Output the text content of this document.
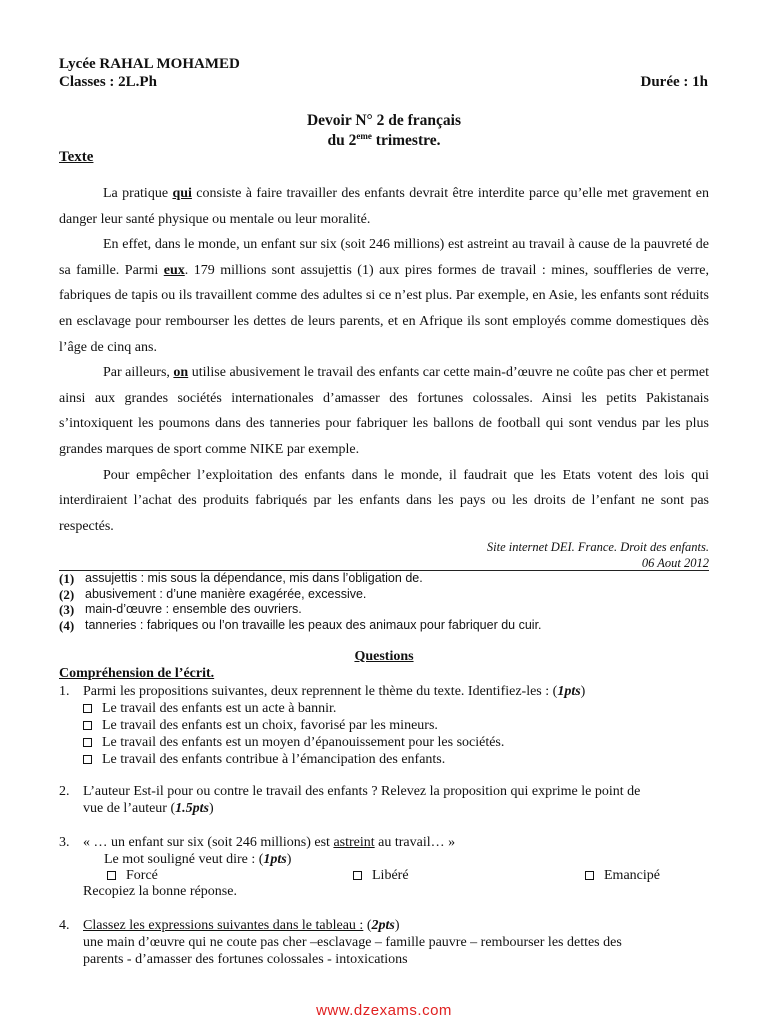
Lycée RAHAL MOHAMED
Classes : 2L.Ph	Durée : 1h
Devoir N° 2 de français
du 2eme trimestre.
Texte

La pratique qui consiste à faire travailler des enfants devrait être interdite parce qu’elle met gravement en danger leur santé physique ou mentale ou leur moralité.

En effet, dans le monde, un enfant sur six (soit 246 millions) est astreint au travail à cause de la pauvreté de sa famille. Parmi eux. 179 millions sont assujettis (1) aux pires formes de travail : mines, souffleries de verre, fabriques de tapis ou ils travaillent comme des adultes si ce n’est plus. Par exemple, en Asie, les enfants sont réduits en esclavage pour rembourser les dettes de leurs parents, et en Afrique ils sont employés comme domestiques dès l’âge de cinq ans.

Par ailleurs, on utilise abusivement le travail des enfants car cette main-d’œuvre ne coûte pas cher et permet ainsi aux grandes sociétés internationales d’amasser des fortunes colossales. Ainsi les petits Pakistanais s’intoxiquent les poumons dans des tanneries pour fabriquer les ballons de football qui sont vendus par les plus grandes marques de sport comme NIKE par exemple.

Pour empêcher l’exploitation des enfants dans le monde, il faudrait que les Etats votent des lois qui interdiraient l’achat des produits fabriqués par les enfants dans les pays ou les droits de l’enfant ne sont pas respectés.

Site internet DEI. France. Droit des enfants.
06 Aout 2012
(1) assujettis : mis sous la dépendance, mis dans l’obligation de.
(2) abusivement : d’une manière exagérée, excessive.
(3) main-d’œuvre : ensemble des ouvriers.
(4) tanneries : fabriques ou l’on travaille les peaux des animaux pour fabriquer du cuir.
Questions
Compréhension de l’écrit.
1. Parmi les propositions suivantes, deux reprennent le thème du texte. Identifiez-les : (1pts)
Le travail des enfants est un acte à bannir.
Le travail des enfants est un choix, favorisé par les mineurs.
Le travail des enfants est un moyen d’épanouissement pour les sociétés.
Le travail des enfants contribue à l’émancipation des enfants.
2. L’auteur Est-il pour ou contre le travail des enfants ? Relevez la proposition qui exprime le point de
vue de l’auteur (1.5pts)
3. « … un enfant sur six (soit 246 millions) est astreint au travail… »
Le mot souligné veut dire : (1pts)
Forcé	Libéré	Emancipé
Recopiez la bonne réponse.
4. Classez les expressions suivantes dans le tableau : (2pts)
une main d’œuvre qui ne coute pas cher –esclavage – famille pauvre – rembourser les dettes des
parents - d’amasser des fortunes colossales - intoxications
www.dzexams.com
